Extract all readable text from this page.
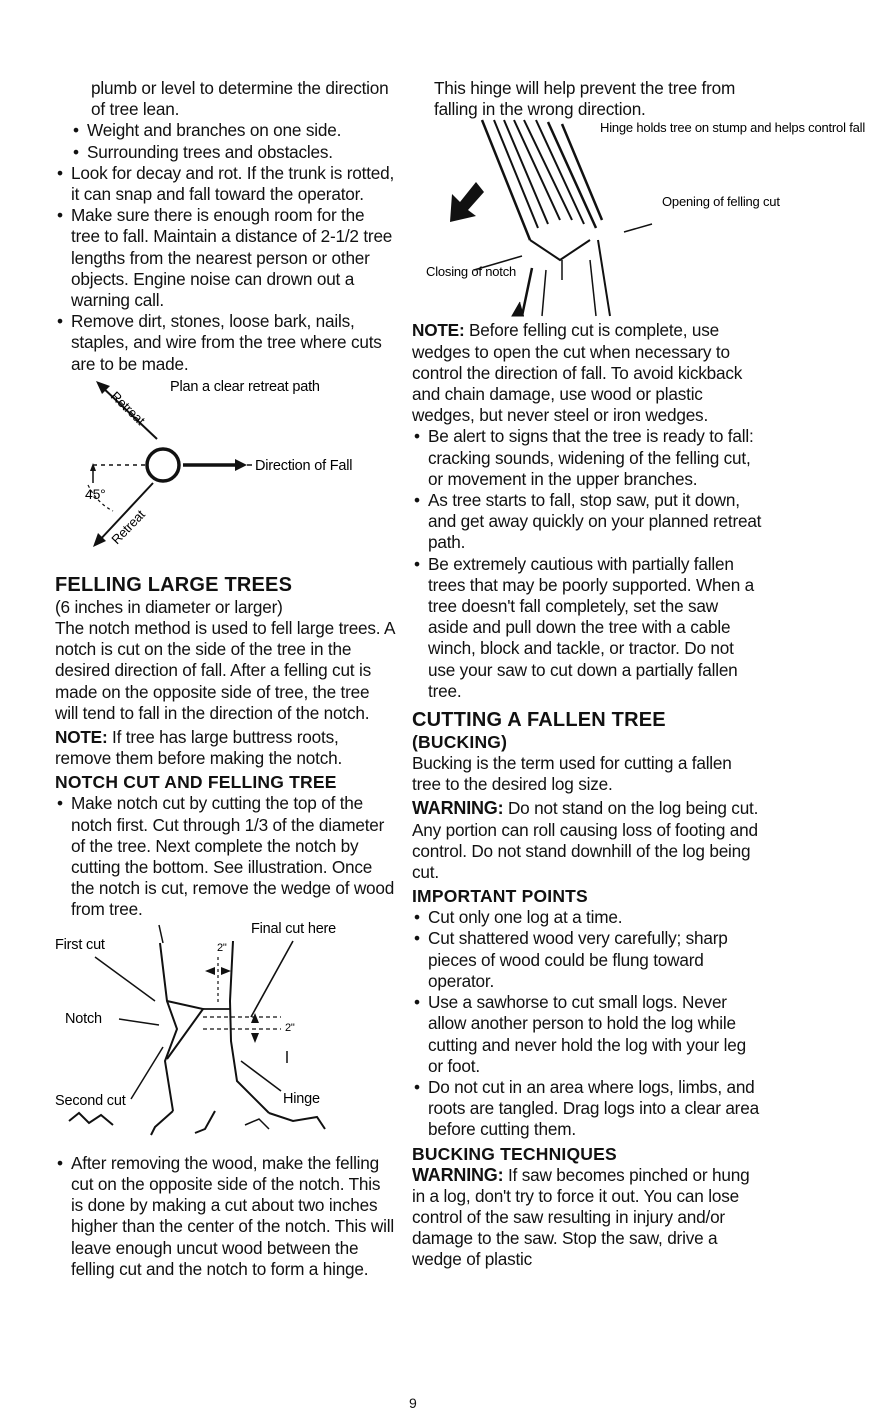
plumb or level to determine the direction of tree lean.

• Weight and branches on one side.
• Surrounding trees and obstacles.
• Look for decay and rot. If the trunk is rotted, it can snap and fall toward the operator.
• Make sure there is enough room for the tree to fall. Maintain a distance of 2-1/2 tree lengths from the nearest person or other objects. Engine noise can drown out a warning call.
• Remove dirt, stones, loose bark, nails, staples, and wire from the tree where cuts are to be made.
Retreat
Plan a clear retreat path
Direction of Fall
45°
Retreat
FELLING LARGE TREES

(6 inches in diameter or larger)

The notch method is used to fell large trees. A notch is cut on the side of the tree in the desired direction of fall. After a felling cut is made on the opposite side of tree, the tree will tend to fall in the direction of the notch.

NOTE: If tree has large buttress roots, remove them before making the notch.

NOTCH CUT AND FELLING TREE
• Make notch cut by cutting the top of the notch first. Cut through 1/3 of the diameter of the tree. Next complete the notch by cutting the bottom. See illustration. Once the notch is cut, remove the wedge of wood from tree.
First cut
Final cut here
Notch
Second cut	Hinge
2"
2"
• After removing the wood, make the felling cut on the opposite side of the notch. This is done by making a cut about two inches higher than the center of the notch. This will leave enough uncut wood between the felling cut and the notch to form a hinge.

This hinge will help prevent the tree from falling in the wrong direction.

Hinge holds tree on stump and helps control fall
Opening of felling cut
Closing of notch

NOTE: Before felling cut is complete, use wedges to open the cut when necessary to control the direction of fall. To avoid kickback and chain damage, use wood or plastic wedges, but never steel or iron wedges.

• Be alert to signs that the tree is ready to fall: cracking sounds, widening of the felling cut, or movement in the upper branches.
• As tree starts to fall, stop saw, put it down, and get away quickly on your planned retreat path.
• Be extremely cautious with partially fallen trees that may be poorly supported. When a tree doesn't fall completely, set the saw aside and pull down the tree with a cable winch, block and tackle, or tractor. Do not use your saw to cut down a partially fallen tree.
CUTTING A FALLEN TREE
(BUCKING)

Bucking is the term used for cutting a fallen tree to the desired log size.

WARNING: Do not stand on the log being cut. Any portion can roll causing loss of footing and control. Do not stand downhill of the log being cut.

IMPORTANT POINTS
• Cut only one log at a time.
• Cut shattered wood very carefully; sharp pieces of wood could be flung toward operator.
• Use a sawhorse to cut small logs. Never allow another person to hold the log while cutting and never hold the log with your leg or foot.
• Do not cut in an area where logs, limbs, and roots are tangled. Drag logs into a clear area before cutting them.
BUCKING TECHNIQUES

WARNING: If saw becomes pinched or hung in a log, don't try to force it out. You can lose control of the saw resulting in injury and/or damage to the saw. Stop the saw, drive a wedge of plastic

9
